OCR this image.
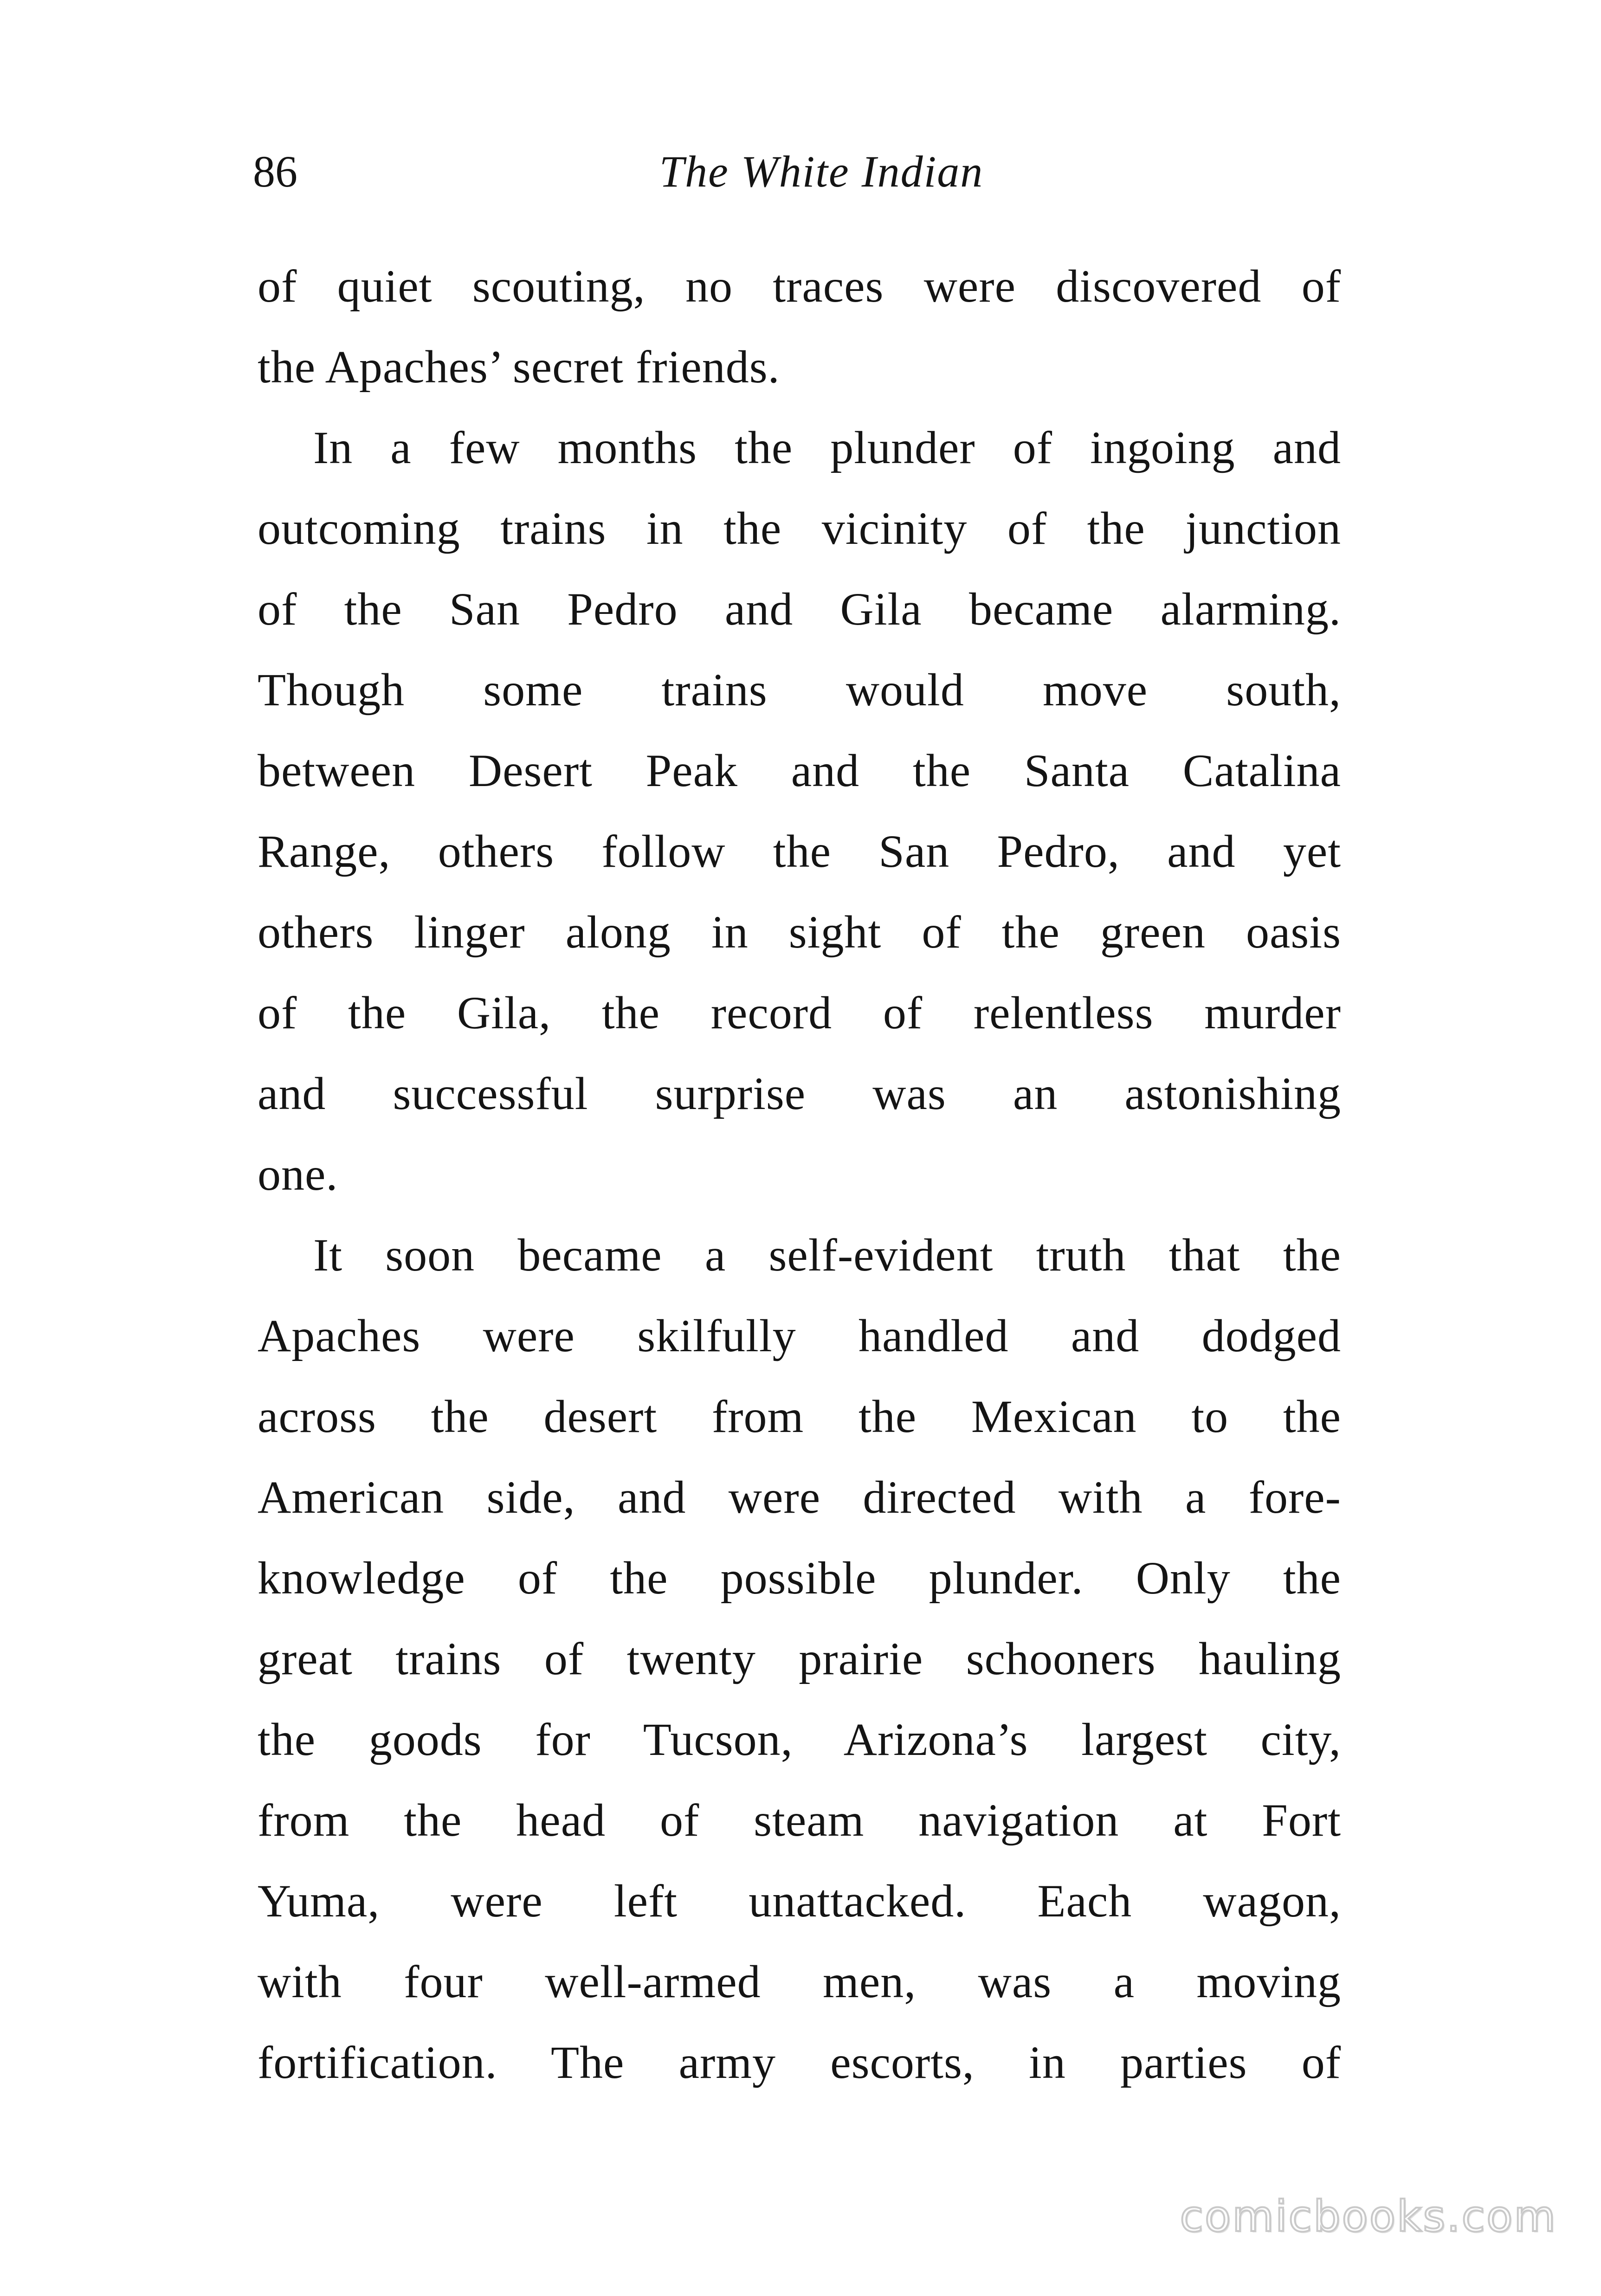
86	The White Indian
of quiet scouting, no traces were discovered of
the Apaches’ secret friends.
In a few months the plunder of ingoing and
outcoming trains in the vicinity of the junction
of the San Pedro and Gila became alarming.
Though some trains would move south,
between Desert Peak and the Santa Catalina
Range, others follow the San Pedro, and yet
others linger along in sight of the green oasis
of the Gila, the record of relentless murder
and successful surprise was an astonishing
one.
It soon became a self-evident truth that the
Apaches were skilfully handled and dodged
across the desert from the Mexican to the
American side, and were directed with a fore-
knowledge of the possible plunder. Only the
great trains of twenty prairie schooners hauling
the goods for Tucson, Arizona’s largest city,
from the head of steam navigation at Fort
Yuma, were left unattacked. Each wagon,
with four well-armed men, was a moving
fortification. The army escorts, in parties of
comicbooks.com
